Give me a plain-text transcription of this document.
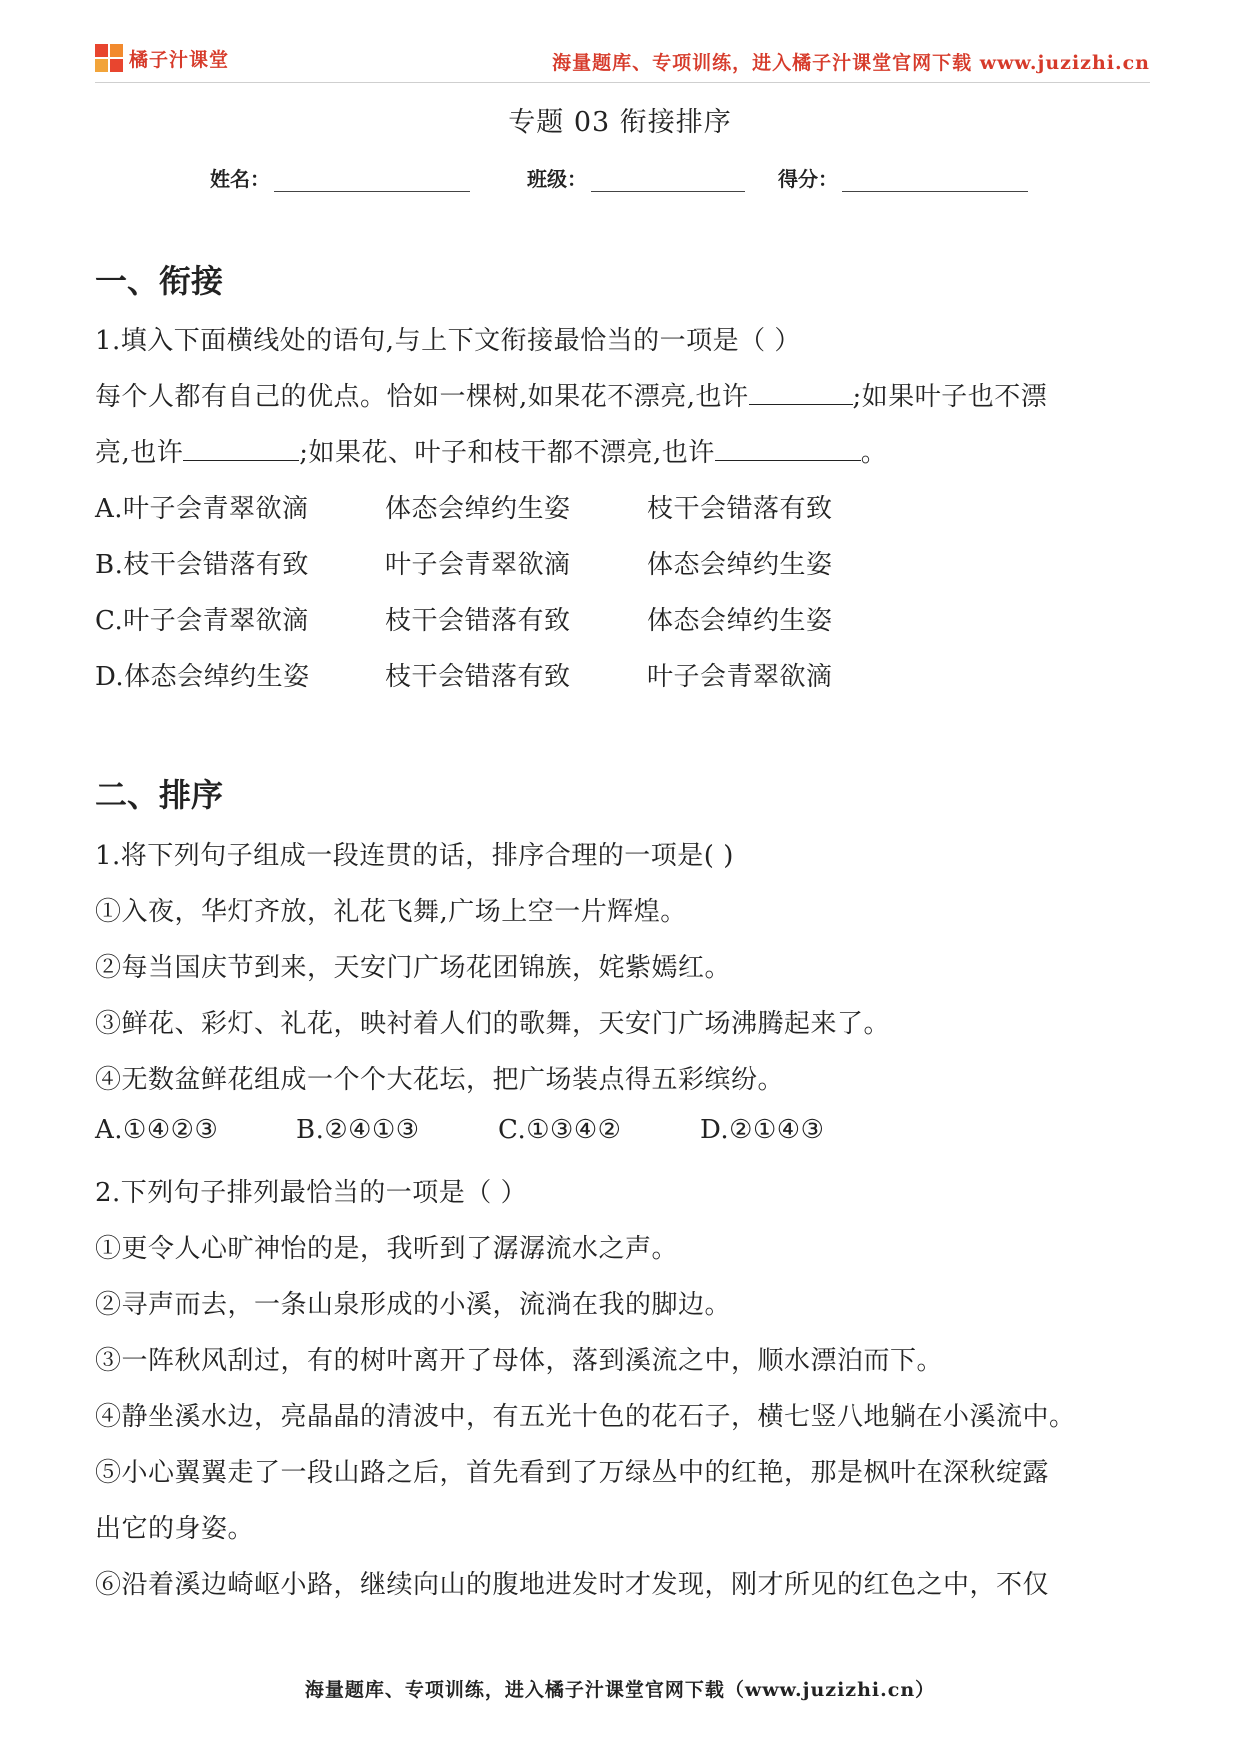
橘子汁课堂	海量题库、专项训练，进入橘子汁课堂官网下载 www.juzizhi.cn
专题 03 衔接排序
姓名：	班级：	得分：
一、衔接
1.填入下面横线处的语句,与上下文衔接最恰当的一项是（ ）
每个人都有自己的优点。恰如一棵树,如果花不漂亮,也许	;如果叶子也不漂
亮,也许	;如果花、叶子和枝干都不漂亮,也许	。
A.叶子会青翠欲滴	体态会绰约生姿	枝干会错落有致
B.枝干会错落有致	叶子会青翠欲滴	体态会绰约生姿
C.叶子会青翠欲滴	枝干会错落有致	体态会绰约生姿
D.体态会绰约生姿	枝干会错落有致	叶子会青翠欲滴
二、排序
1.将下列句子组成一段连贯的话，排序合理的一项是( )
①入夜，华灯齐放，礼花飞舞,广场上空一片辉煌。
②每当国庆节到来，天安门广场花团锦族，姹紫嫣红。
③鲜花、彩灯、礼花，映衬着人们的歌舞，天安门广场沸腾起来了。
④无数盆鲜花组成一个个大花坛，把广场装点得五彩缤纷。
A.①④②③	B.②④①③	C.①③④②	D.②①④③
2.下列句子排列最恰当的一项是（ ）
①更令人心旷神怡的是，我听到了潺潺流水之声。
②寻声而去，一条山泉形成的小溪，流淌在我的脚边。
③一阵秋风刮过，有的树叶离开了母体，落到溪流之中，顺水漂泊而下。
④静坐溪水边，亮晶晶的清波中，有五光十色的花石子，横七竖八地躺在小溪流中。
⑤小心翼翼走了一段山路之后，首先看到了万绿丛中的红艳，那是枫叶在深秋绽露
出它的身姿。
⑥沿着溪边崎岖小路，继续向山的腹地进发时才发现，刚才所见的红色之中，不仅
海量题库、专项训练，进入橘子汁课堂官网下载（www.juzizhi.cn）
